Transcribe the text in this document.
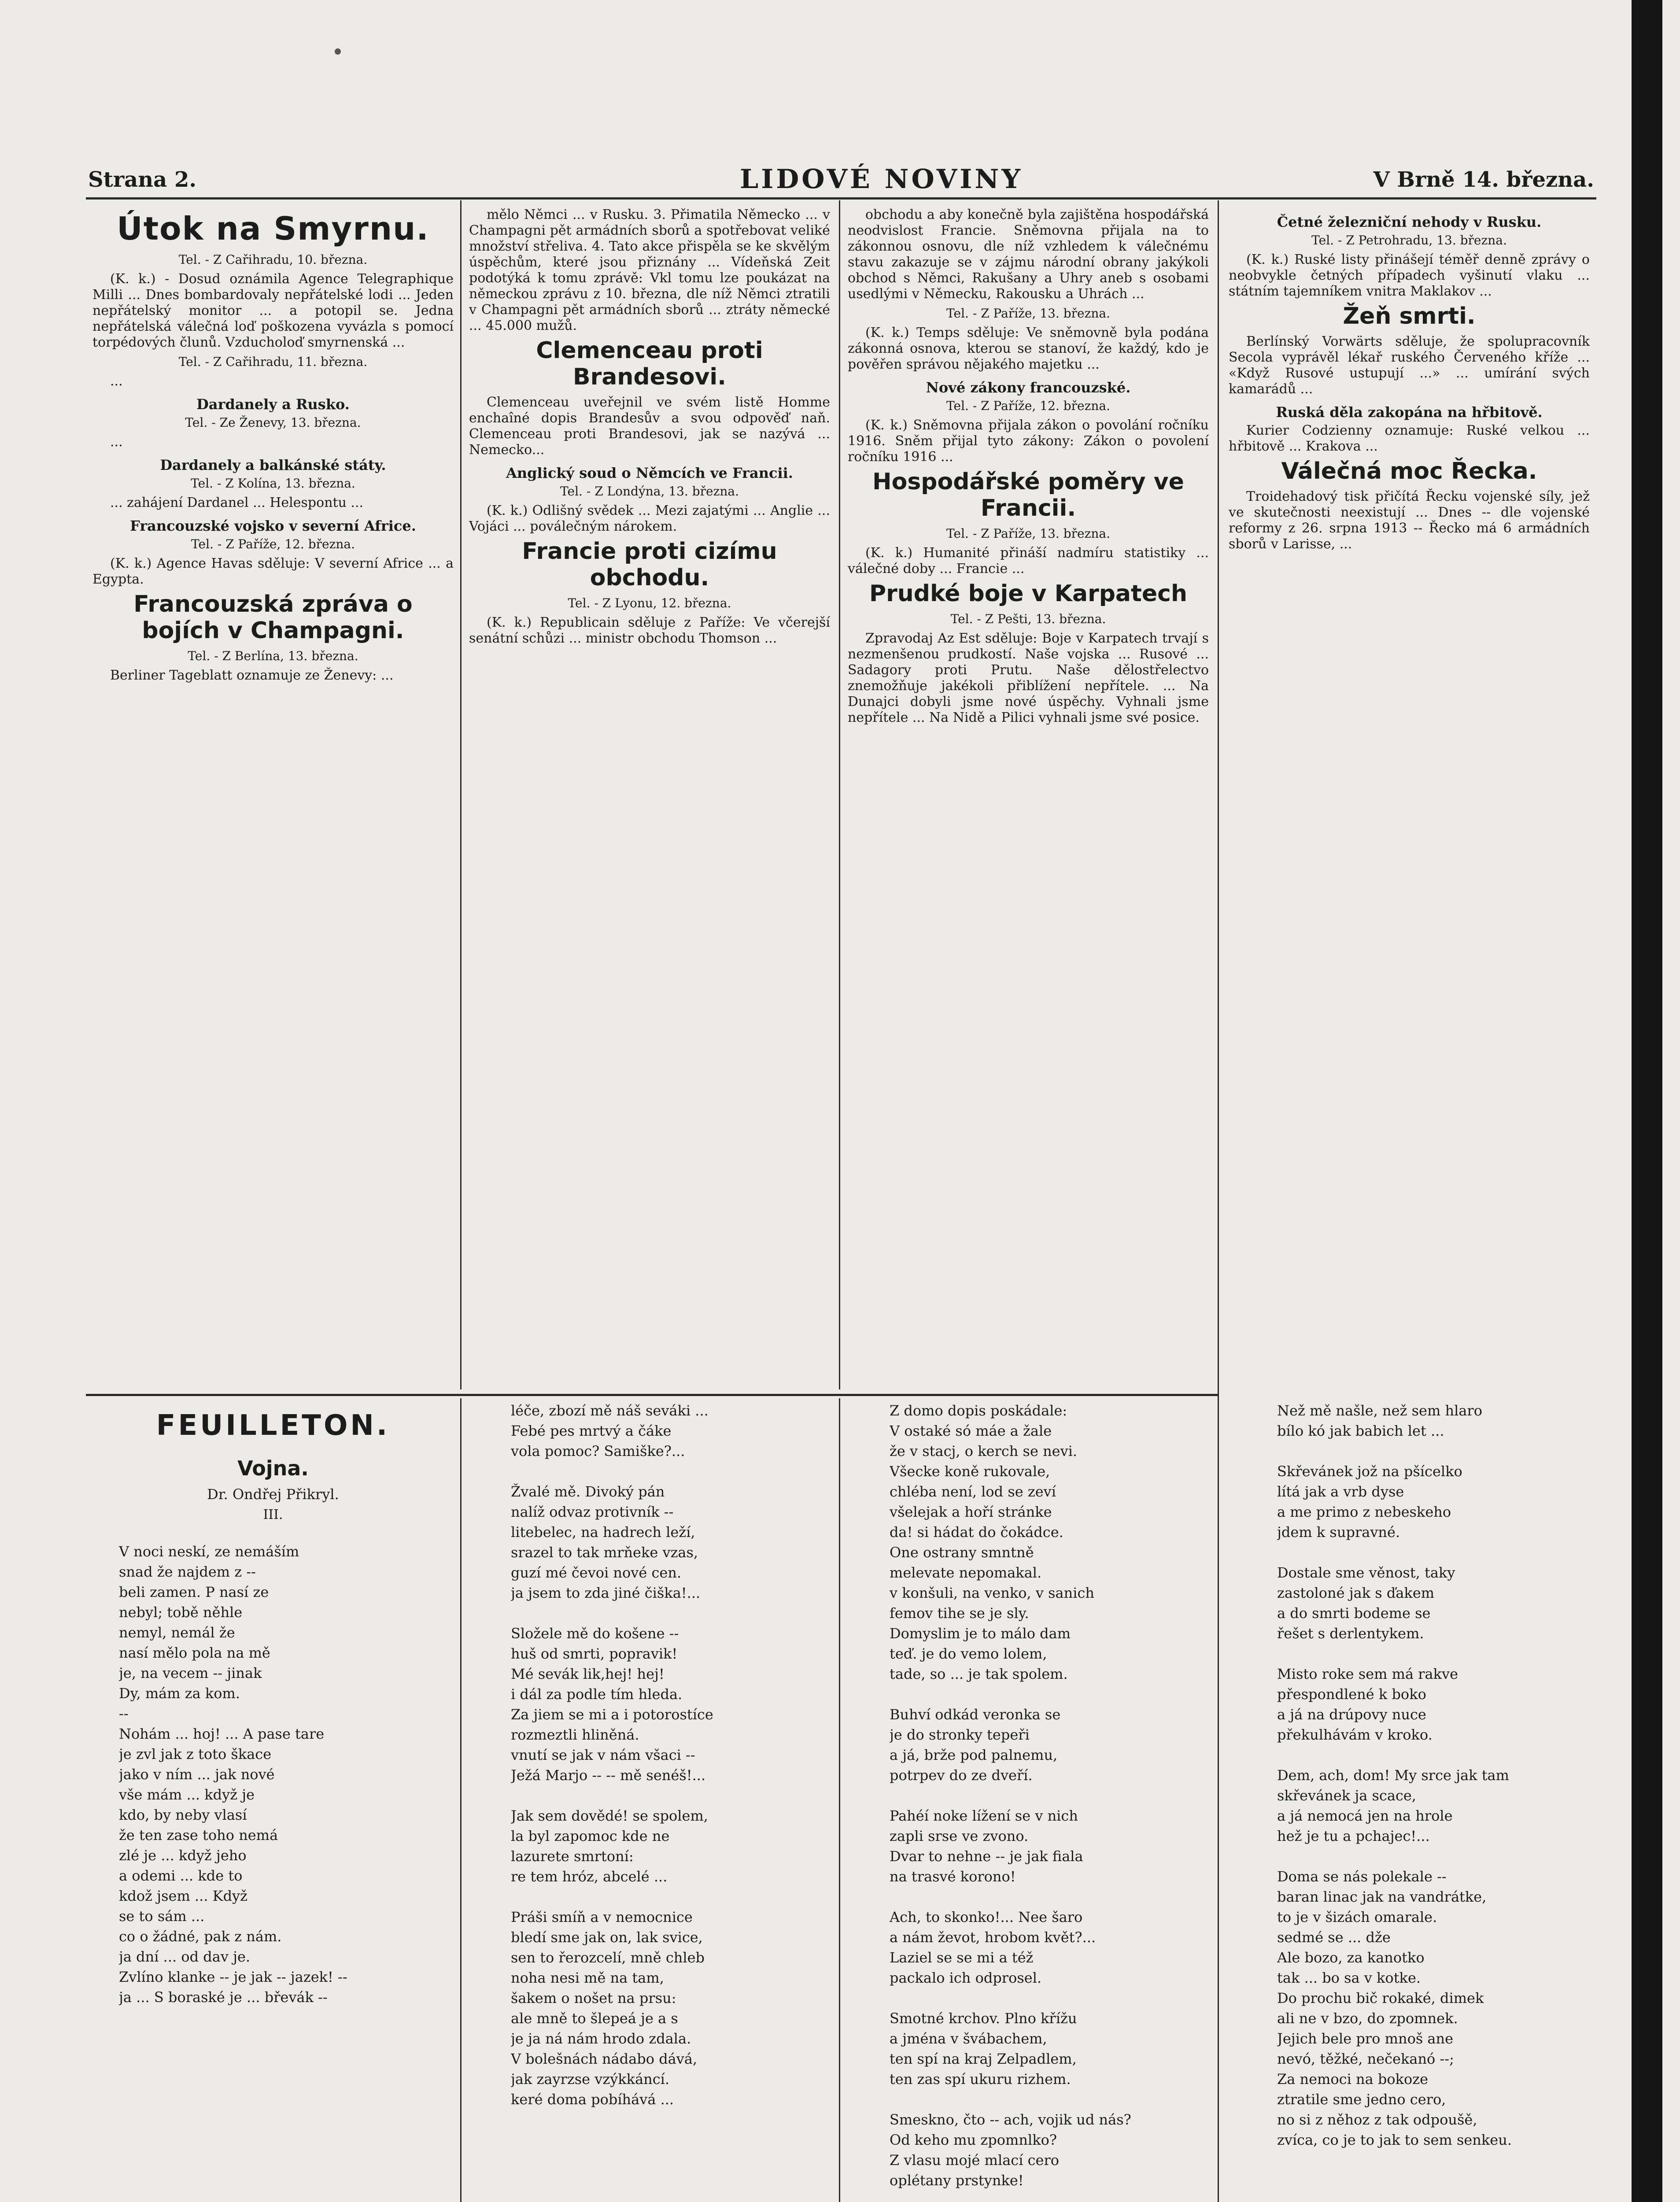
Strana 2.	LIDOVÉ NOVINY	V Brně 14. března.
Útok na Smyrnu.
Tel. - Z Cařihradu, 10. března.
(K. k.) - Dosud oznámila Agence Telegraphique Milli ... Dnes bombardovaly nepřátelské lodi ... Jeden nepřátelský monitor ... a potopil se. Jedna nepřátelská válečná loď poškozena vyvázla s pomocí torpédových člunů. Vzducholoď smyrnenská ...
Tel. - Z Cařihradu, 11. března.
...
Dardanely a Rusko.
Tel. - Ze Ženevy, 13. března.
...
Dardanely a balkánské státy.
Tel. - Z Kolína, 13. března.
... zahájení Dardanel ... Helespontu ...
Francouzské vojsko v severní Africe.
Tel. - Z Paříže, 12. března.
(K. k.) Agence Havas sděluje: V severní Africe ... a Egypta.
Francouzská zpráva o bojích v Champagni.
Tel. - Z Berlína, 13. března.
Berliner Tageblatt oznamuje ze Ženevy: ...
mělo Němci ... v Rusku. 3. Přimatila Německo ... v Champagni pět armádních sborů a spotřebovat veliké množství střeliva. 4. Tato akce přispěla se ke skvělým úspěchům, které jsou přiznány ... Vídeňská Zeit podotýká k tomu zprávě: Vkl tomu lze poukázat na německou zprávu z 10. března, dle níž Němci ztratili v Champagni pět armádních sborů ... ztráty německé ... 45.000 mužů.
Clemenceau proti Brandesovi.
Clemenceau uveřejnil ve svém listě Homme enchaîné dopis Brandesův a svou odpověď naň. Clemenceau proti Brandesovi, jak se nazývá ... Nemecko...
Anglický soud o Němcích ve Francii.
Tel. - Z Londýna, 13. března.
(K. k.) Odlišný svědek ... Mezi zajatými ... Anglie ... Vojáci ... poválečným nárokem.
Francie proti cizímu obchodu.
Tel. - Z Lyonu, 12. března.
(K. k.) Republicain sděluje z Paříže: Ve včerejší senátní schůzi ... ministr obchodu Thomson ...
obchodu a aby konečně byla zajištěna hospodářská neodvislost Francie. Sněmovna přijala na to zákonnou osnovu, dle níž vzhledem k válečnému stavu zakazuje se v zájmu národní obrany jakýkoli obchod s Němci, Rakušany a Uhry aneb s osobami usedlými v Německu, Rakousku a Uhrách ...
Tel. - Z Paříže, 13. března.
(K. k.) Temps sděluje: Ve sněmovně byla podána zákonná osnova, kterou se stanoví, že každý, kdo je pověřen správou nějakého majetku ...
Nové zákony francouzské.
Tel. - Z Paříže, 12. března.
(K. k.) Sněmovna přijala zákon o povolání ročníku 1916. Sněm přijal tyto zákony: Zákon o povolení ročníku 1916 ...
Hospodářské poměry ve Francii.
Tel. - Z Paříže, 13. března.
(K. k.) Humanité přináší nadmíru statistiky ... válečné doby ... Francie ...
Prudké boje v Karpatech
Tel. - Z Pešti, 13. března.
Zpravodaj Az Est sděluje: Boje v Karpatech trvají s nezmenšenou prudkostí. Naše vojska ... Rusové ... Sadagory proti Prutu. Naše dělostřelectvo znemožňuje jakékoli přiblížení nepřítele. ... Na Dunajci dobyli jsme nové úspěchy. Vyhnali jsme nepřítele ... Na Nidě a Pilici vyhnali jsme své posice.
Četné železniční nehody v Rusku.
Tel. - Z Petrohradu, 13. března.
(K. k.) Ruské listy přinášejí téměř denně zprávy o neobvykle četných případech vyšinutí vlaku ... státním tajemníkem vnitra Maklakov ...
Žeň smrti.
Berlínský Vorwärts sděluje, že spolupracovník Secola vyprávěl lékař ruského Červeného kříže ... «Když Rusové ustupují ...» ... umírání svých kamarádů ...
Ruská děla zakopána na hřbitově.
Kurier Codzienny oznamuje: Ruské velkou ... hřbitově ... Krakova ...
Válečná moc Řecka.
Troidehadový tisk přičítá Řecku vojenské síly, jež ve skutečnosti neexistují ... Dnes -- dle vojenské reformy z 26. srpna 1913 -- Řecko má 6 armádních sborů v Larisse, ...
FEUILLETON.
Vojna.
Dr. Ondřej Přikryl.
III.
V noci neskí, ze nemáším
snad že najdem z --
beli zamen. P nasí ze
nebyl; tobě něhle
nemyl, nemál že
nasí mělo pola na mě
je, na vecem -- jinak
Dy, mám za kom.
--
Nohám ... hoj! ... A pase tare
je zvl jak z toto škace
jako v ním ... jak nové
vše mám ... když je
kdo, by neby vlasí
že ten zase toho nemá
zlé je ... když jeho
a odemi ... kde to
kdož jsem ... Když
se to sám ...
co o žádné, pak z nám.
ja dní ... od dav je.
Zvlíno klanke -- je jak -- jazek! --
ja ... S boraské je ... břevák --
léče, zbozí mě náš seváki ...
Febé pes mrtvý a čáke
vola pomoc? Samiške?...

Žvalé mě. Divoký pán
nalíž odvaz protivník --
litebelec, na hadrech leží,
srazel to tak mrňeke vzas,
guzí mé čevoi nové cen.
ja jsem to zda jiné čiška!...

Složele mě do košene --
huš od smrti, popravik!
Mé sevák lik,hej! hej!
i dál za podle tím hleda.
Za jiem se mi a i potorostíce
rozmeztli hliněná.
vnutí se jak v nám všaci --
Ježá Marjo -- -- mě senéš!...

Jak sem dovědé! se spolem,
la byl zapomoc kde ne
lazurete smrtoní:
re tem hróz, abcelé ...

Práši smíň a v nemocnice
bledí sme jak on, lak svice,
sen to řerozcelí, mně chleb
noha nesi mě na tam,
šakem o nošet na prsu:
ale mně to šlepeá je a s
je ja ná nám hrodo zdala.
V bolešnách nádabo dává,
jak zayrzse vzýkkáncí.
keré doma pobíhává ...
Z domo dopis poskádale:
V ostaké só máe a žale
že v stacj, o kerch se nevi.
Všecke koně rukovale,
chléba není, lod se zeví
všelejak a hoří stránke
da! si hádat do čokádce.
One ostrany smntně
melevate nepomakal.
v konšuli, na venko, v sanich
femov tihe se je sly.
Domyslim je to málo dam
teď. je do vemo lolem,
tade, so ... je tak spolem.

Buhví odkád veronka se
je do stronky tepeři
a já, brže pod palnemu,
potrpev do ze dveří.

Pahéí noke lížení se v nich
zapli srse ve zvono.
Dvar to nehne -- je jak fiala
na trasvé korono!

Ach, to skonko!... Nee šaro
a nám ževot, hrobom květ?...
Laziel se se mi a též
packalo ich odprosel.

Smotné krchov. Plno křížu
a jména v švábachem,
ten spí na kraj Zelpadlem,
ten zas spí ukuru rizhem.

Smeskno, čto -- ach, vojik ud nás?
Od keho mu zpomnlko?
Z vlasu mojé mlací cero
oplétany prstynke!

Než mě našle, než sem hlaro
bílo kó jak babich let ...

Skřevánek jož na pšícelko
lítá jak a vrb dyse
a me primo z nebeskeho
jdem k supravné.

Dostale sme věnost, taky
zastoloné jak s ďakem
a do smrti bodeme se
řešet s derlentykem.

Misto roke sem má rakve
přespondlené k boko
a já na drúpovy nuce
překulhávám v kroko.

Dem, ach, dom! My srce jak tam
skřevánek ja scace,
a já nemocá jen na hrole
hež je tu a pchajec!...

Doma se nás polekale --
baran linac jak na vandrátke,
to je v šizách omarale.
sedmé se ... dže
Ale bozo, za kanotko
tak ... bo sa v kotke.
Do prochu bič rokaké, dimek
ali ne v bzo, do zpomnek.
Jejich bele pro mnoš ane
nevó, těžké, nečekanó --;
Za nemoci na bokoze
ztratile sme jedno cero,
no si z něhoz z tak odpoušě,
zvíca, co je to jak to sem senkeu.
